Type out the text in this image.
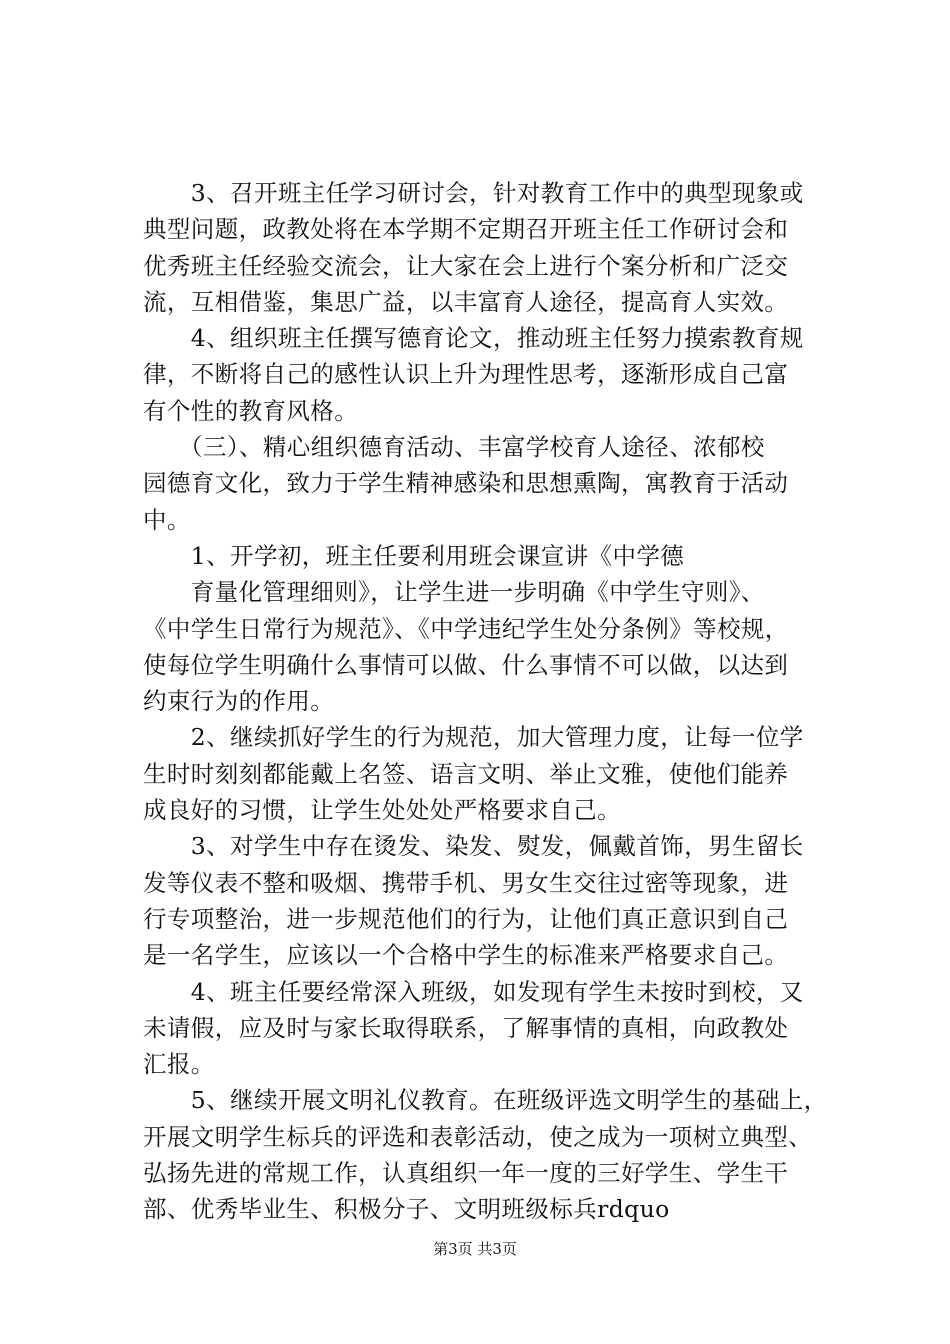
　　3、召开班主任学习研讨会，针对教育工作中的典型现象或
典型问题，政教处将在本学期不定期召开班主任工作研讨会和
优秀班主任经验交流会，让大家在会上进行个案分析和广泛交
流，互相借鉴，集思广益，以丰富育人途径，提高育人实效。
　　4、组织班主任撰写德育论文，推动班主任努力摸索教育规
律，不断将自己的感性认识上升为理性思考，逐渐形成自己富
有个性的教育风格。
　　（三）、精心组织德育活动、丰富学校育人途径、浓郁校
园德育文化，致力于学生精神感染和思想熏陶，寓教育于活动
中。
　　1、开学初，班主任要利用班会课宣讲《中学德
　　育量化管理细则》，让学生进一步明确《中学生守则》、
《中学生日常行为规范》、《中学违纪学生处分条例》等校规，
使每位学生明确什么事情可以做、什么事情不可以做，以达到
约束行为的作用。
　　2、继续抓好学生的行为规范，加大管理力度，让每一位学
生时时刻刻都能戴上名签、语言文明、举止文雅，使他们能养
成良好的习惯，让学生处处处严格要求自己。
　　3、对学生中存在烫发、染发、熨发，佩戴首饰，男生留长
发等仪表不整和吸烟、携带手机、男女生交往过密等现象，进
行专项整治，进一步规范他们的行为，让他们真正意识到自己
是一名学生，应该以一个合格中学生的标准来严格要求自己。
　　4、班主任要经常深入班级，如发现有学生未按时到校，又
未请假，应及时与家长取得联系，了解事情的真相，向政教处
汇报。
　　5、继续开展文明礼仪教育。在班级评选文明学生的基础上，
开展文明学生标兵的评选和表彰活动，使之成为一项树立典型、
弘扬先进的常规工作，认真组织一年一度的三好学生、学生干
部、优秀毕业生、积极分子、文明班级标兵rdquo
第3页 共3页
